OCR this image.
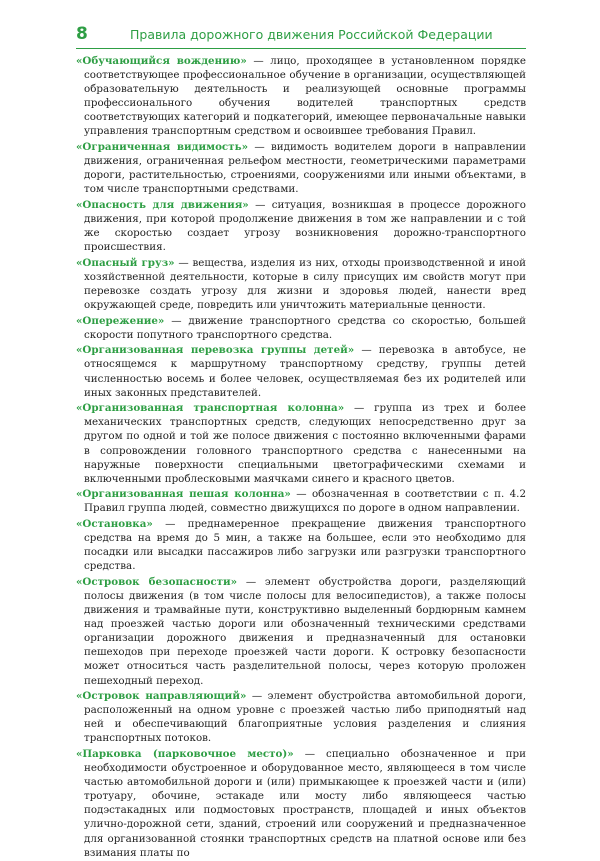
8	Правила дорожного движения Российской Федерации

«Обучающийся вождению» — лицо, проходящее в установленном порядке соответствующее профессиональное обучение в организации, осуществляющей образовательную деятельность и реализующей основные программы профессионального обучения водителей транспортных средств соответствующих категорий и подкатегорий, имеющее первоначальные навыки управления транспортным средством и освоившее требования Правил.

«Ограниченная видимость» — видимость водителем дороги в направлении движения, ограниченная рельефом местности, геометрическими параметрами дороги, растительностью, строениями, сооружениями или иными объектами, в том числе транспортными средствами.

«Опасность для движения» — ситуация, возникшая в процессе дорожного движения, при которой продолжение движения в том же направлении и с той же скоростью создает угрозу возникновения дорожно-транспортного происшествия.

«Опасный груз» — вещества, изделия из них, отходы производственной и иной хозяйственной деятельности, которые в силу присущих им свойств могут при перевозке создать угрозу для жизни и здоровья людей, нанести вред окружающей среде, повредить или уничтожить материальные ценности.

«Опережение» — движение транспортного средства со скоростью, большей скорости попутного транспортного средства.

«Организованная перевозка группы детей» — перевозка в автобусе, не относящемся к маршрутному транспортному средству, группы детей численностью восемь и более человек, осуществляемая без их родителей или иных законных представителей.

«Организованная транспортная колонна» — группа из трех и более механических транспортных средств, следующих непосредственно друг за другом по одной и той же полосе движения с постоянно включенными фарами в сопровождении головного транспортного средства с нанесенными на наружные поверхности специальными цветографическими схемами и включенными проблесковыми маячками синего и красного цветов.

«Организованная пешая колонна» — обозначенная в соответствии с п. 4.2 Правил группа людей, совместно движущихся по дороге в одном направлении.

«Остановка» — преднамеренное прекращение движения транспортного средства на время до 5 мин, а также на большее, если это необходимо для посадки или высадки пассажиров либо загрузки или разгрузки транспортного средства.

«Островок безопасности» — элемент обустройства дороги, разделяющий полосы движения (в том числе полосы для велосипедистов), а также полосы движения и трамвайные пути, конструктивно выделенный бордюрным камнем над проезжей частью дороги или обозначенный техническими средствами организации дорожного движения и предназначенный для остановки пешеходов при переходе проезжей части дороги. К островку безопасности может относиться часть разделительной полосы, через которую проложен пешеходный переход.

«Островок направляющий» — элемент обустройства автомобильной дороги, расположенный на одном уровне с проезжей частью либо приподнятый над ней и обеспечивающий благоприятные условия разделения и слияния транспортных потоков.

«Парковка (парковочное место)» — специально обозначенное и при необходимости обустроенное и оборудованное место, являющееся в том числе частью автомобильной дороги и (или) примыкающее к проезжей части и (или) тротуару, обочине, эстакаде или мосту либо являющееся частью подэстакадных или подмостовых пространств, площадей и иных объектов улично-дорожной сети, зданий, строений или сооружений и предназначенное для организованной стоянки транспортных средств на платной основе или без взимания платы по
